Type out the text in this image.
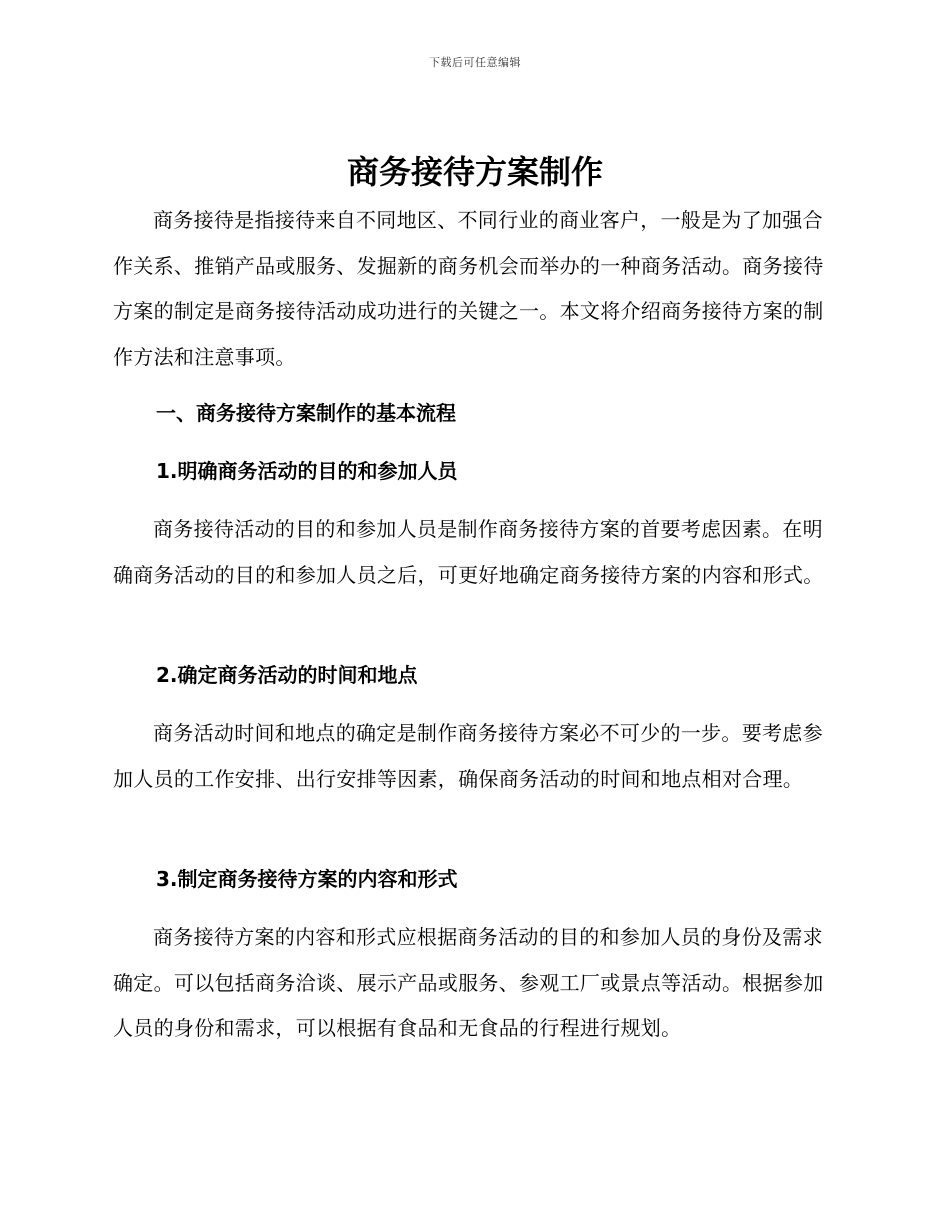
下载后可任意编辑
商务接待方案制作

商务接待是指接待来自不同地区、不同行业的商业客户，一般是为了加强合作关系、推销产品或服务、发掘新的商务机会而举办的一种商务活动。商务接待方案的制定是商务接待活动成功进行的关键之一。本文将介绍商务接待方案的制作方法和注意事项。

一、商务接待方案制作的基本流程
1.明确商务活动的目的和参加人员

商务接待活动的目的和参加人员是制作商务接待方案的首要考虑因素。在明确商务活动的目的和参加人员之后，可更好地确定商务接待方案的内容和形式。

2.确定商务活动的时间和地点

商务活动时间和地点的确定是制作商务接待方案必不可少的一步。要考虑参加人员的工作安排、出行安排等因素，确保商务活动的时间和地点相对合理。

3.制定商务接待方案的内容和形式

商务接待方案的内容和形式应根据商务活动的目的和参加人员的身份及需求确定。可以包括商务洽谈、展示产品或服务、参观工厂或景点等活动。根据参加人员的身份和需求，可以根据有食品和无食品的行程进行规划。
